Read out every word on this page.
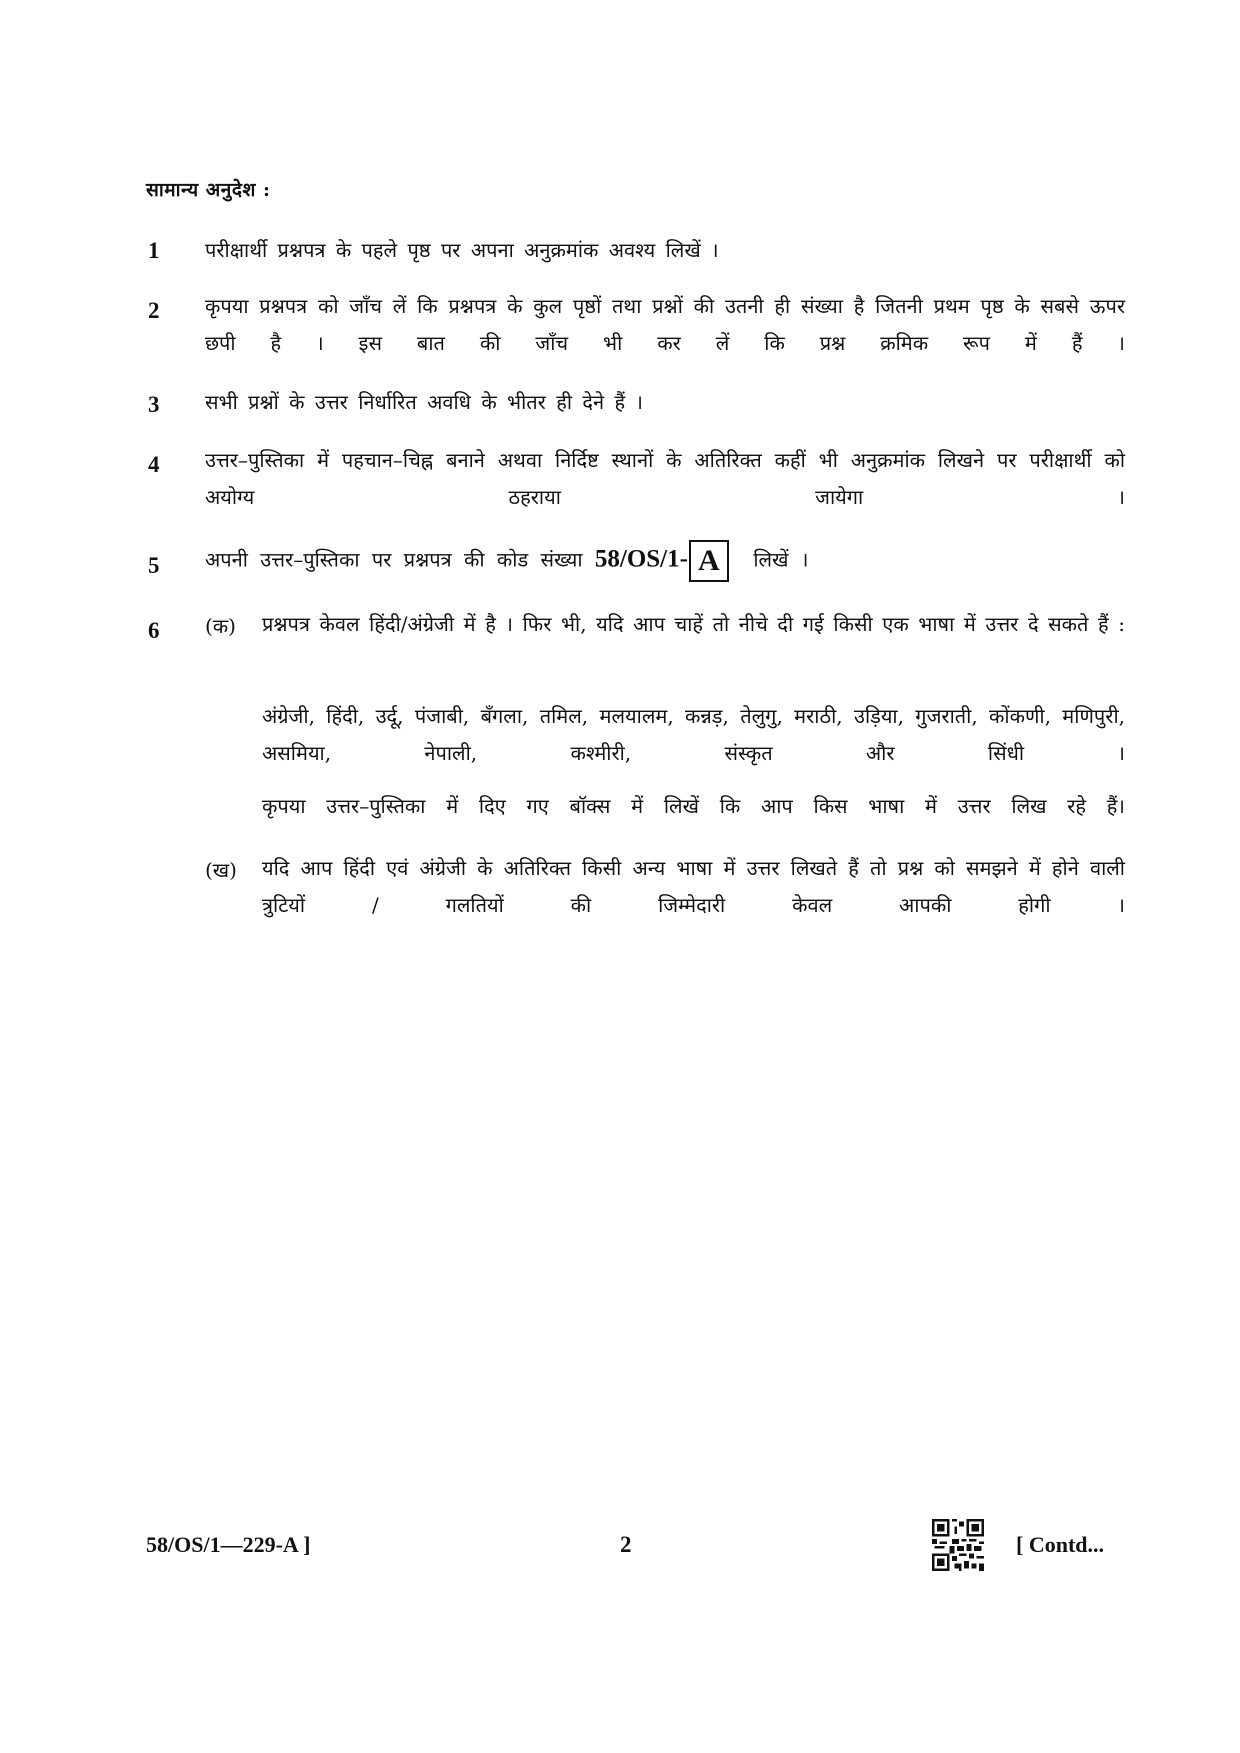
सामान्य अनुदेश :
1 परीक्षार्थी प्रश्नपत्र के पहले पृष्ठ पर अपना अनुक्रमांक अवश्य लिखें ।
2 कृपया प्रश्नपत्र को जाँच लें कि प्रश्नपत्र के कुल पृष्ठों तथा प्रश्नों की उतनी ही संख्या है जितनी प्रथम पृष्ठ के सबसे ऊपर छपी है । इस बात की जाँच भी कर लें कि प्रश्न क्रमिक रूप में हैं ।
3 सभी प्रश्नों के उत्तर निर्धारित अवधि के भीतर ही देने हैं ।
4 उत्तर–पुस्तिका में पहचान–चिह्न बनाने अथवा निर्दिष्ट स्थानों के अतिरिक्त कहीं भी अनुक्रमांक लिखने पर परीक्षार्थी को अयोग्य ठहराया जायेगा ।
5 अपनी उत्तर–पुस्तिका पर प्रश्नपत्र की कोड संख्या 58/OS/1- A लिखें ।
6 (क) प्रश्नपत्र केवल हिंदी/अंग्रेजी में है । फिर भी, यदि आप चाहें तो नीचे दी गई किसी एक भाषा में उत्तर दे सकते हैं :
अंग्रेजी, हिंदी, उर्दू, पंजाबी, बँगला, तमिल, मलयालम, कन्नड़, तेलुगु, मराठी, उड़िया, गुजराती, कोंकणी, मणिपुरी, असमिया, नेपाली, कश्मीरी, संस्कृत और सिंधी ।
कृपया उत्तर–पुस्तिका में दिए गए बॉक्स में लिखें कि आप किस भाषा में उत्तर लिख रहे हैं।
(ख) यदि आप हिंदी एवं अंग्रेजी के अतिरिक्त किसी अन्य भाषा में उत्तर लिखते हैं तो प्रश्न को समझने में होने वाली त्रुटियों / गलतियों की जिम्मेदारी केवल आपकी होगी ।
58/OS/1—229-A ]	2	[ Contd...
